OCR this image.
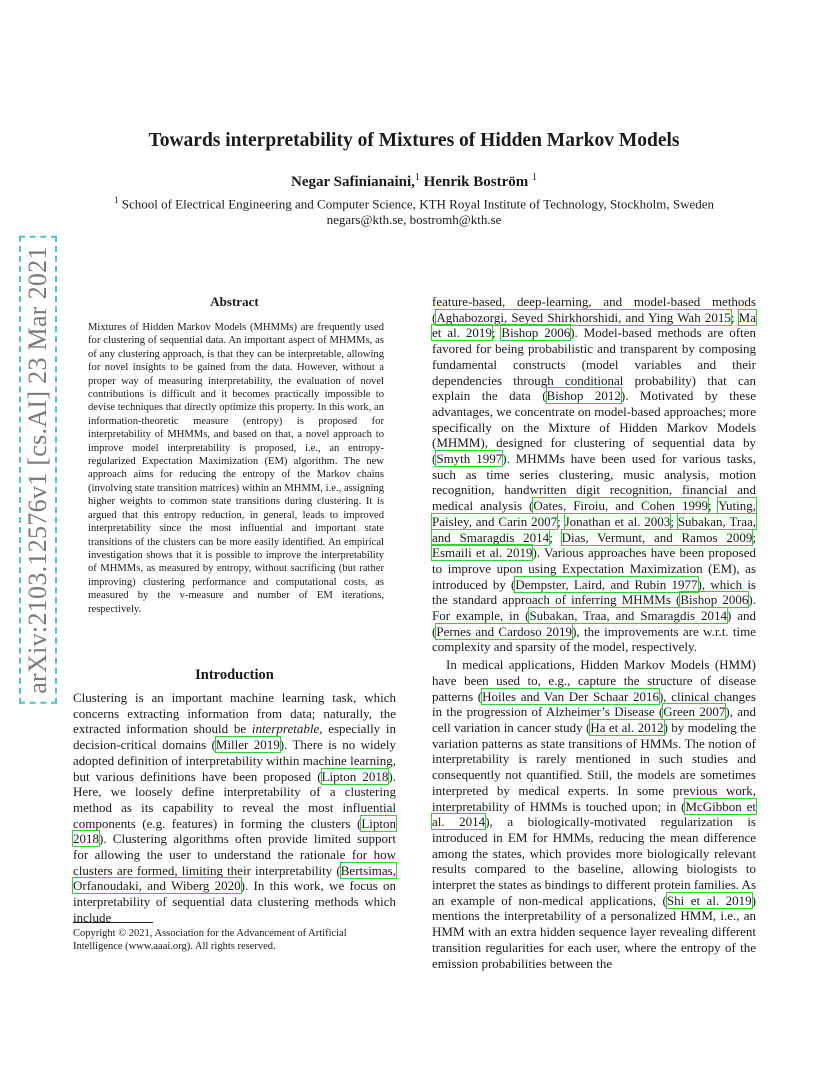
arXiv:2103.12576v1 [cs.AI] 23 Mar 2021
Towards interpretability of Mixtures of Hidden Markov Models
Negar Safinianaini,$^1$ Henrik Boström $^1$
$^1$ School of Electrical Engineering and Computer Science, KTH Royal Institute of Technology, Stockholm, Sweden
negars@kth.se, bostromh@kth.se
Abstract
Mixtures of Hidden Markov Models (MHMMs) are frequently used for clustering of sequential data. An important aspect of MHMMs, as of any clustering approach, is that they can be interpretable, allowing for novel insights to be gained from the data. However, without a proper way of measuring interpretability, the evaluation of novel contributions is difficult and it becomes practically impossible to devise techniques that directly optimize this property. In this work, an information-theoretic measure (entropy) is proposed for interpretability of MHMMs, and based on that, a novel approach to improve model interpretability is proposed, i.e., an entropy-regularized Expectation Maximization (EM) algorithm. The new approach aims for reducing the entropy of the Markov chains (involving state transition matrices) within an MHMM, i.e., assigning higher weights to common state transitions during clustering. It is argued that this entropy reduction, in general, leads to improved interpretability since the most influential and important state transitions of the clusters can be more easily identified. An empirical investigation shows that it is possible to improve the interpretability of MHMMs, as measured by entropy, without sacrificing (but rather improving) clustering performance and computational costs, as measured by the v-measure and number of EM iterations, respectively.
Introduction
Clustering is an important machine learning task, which concerns extracting information from data; naturally, the extracted information should be interpretable, especially in decision-critical domains (Miller 2019). There is no widely adopted definition of interpretability within machine learning, but various definitions have been proposed (Lipton 2018). Here, we loosely define interpretability of a clustering method as its capability to reveal the most influential components (e.g. features) in forming the clusters (Lipton 2018). Clustering algorithms often provide limited support for allowing the user to understand the rationale for how clusters are formed, limiting their interpretability (Bertsimas, Orfanoudaki, and Wiberg 2020). In this work, we focus on interpretability of sequential data clustering methods which include

feature-based, deep-learning, and model-based methods (Aghabozorgi, Seyed Shirkhorshidi, and Ying Wah 2015; Ma et al. 2019; Bishop 2006). Model-based methods are often favored for being probabilistic and transparent by composing fundamental constructs (model variables and their dependencies through conditional probability) that can explain the data (Bishop 2012). Motivated by these advantages, we concentrate on model-based approaches; more specifically on the Mixture of Hidden Markov Models (MHMM), designed for clustering of sequential data by (Smyth 1997). MHMMs have been used for various tasks, such as time series clustering, music analysis, motion recognition, handwritten digit recognition, financial and medical analysis (Oates, Firoiu, and Cohen 1999; Yuting, Paisley, and Carin 2007; Jonathan et al. 2003; Subakan, Traa, and Smaragdis 2014; Dias, Vermunt, and Ramos 2009; Esmaili et al. 2019). Various approaches have been proposed to improve upon using Expectation Maximization (EM), as introduced by (Dempster, Laird, and Rubin 1977), which is the standard approach of inferring MHMMs (Bishop 2006). For example, in (Subakan, Traa, and Smaragdis 2014) and (Pernes and Cardoso 2019), the improvements are w.r.t. time complexity and sparsity of the model, respectively.

In medical applications, Hidden Markov Models (HMM) have been used to, e.g., capture the structure of disease patterns (Hoiles and Van Der Schaar 2016), clinical changes in the progression of Alzheimer’s Disease (Green 2007), and cell variation in cancer study (Ha et al. 2012) by modeling the variation patterns as state transitions of HMMs. The notion of interpretability is rarely mentioned in such studies and consequently not quantified. Still, the models are sometimes interpreted by medical experts. In some previous work, interpretability of HMMs is touched upon; in (McGibbon et al. 2014), a biologically-motivated regularization is introduced in EM for HMMs, reducing the mean difference among the states, which provides more biologically relevant results compared to the baseline, allowing biologists to interpret the states as bindings to different protein families. As an example of non-medical applications, (Shi et al. 2019) mentions the interpretability of a personalized HMM, i.e., an HMM with an extra hidden sequence layer revealing different transition regularities for each user, where the entropy of the emission probabilities between the

Copyright © 2021, Association for the Advancement of Artificial Intelligence (www.aaai.org). All rights reserved.
